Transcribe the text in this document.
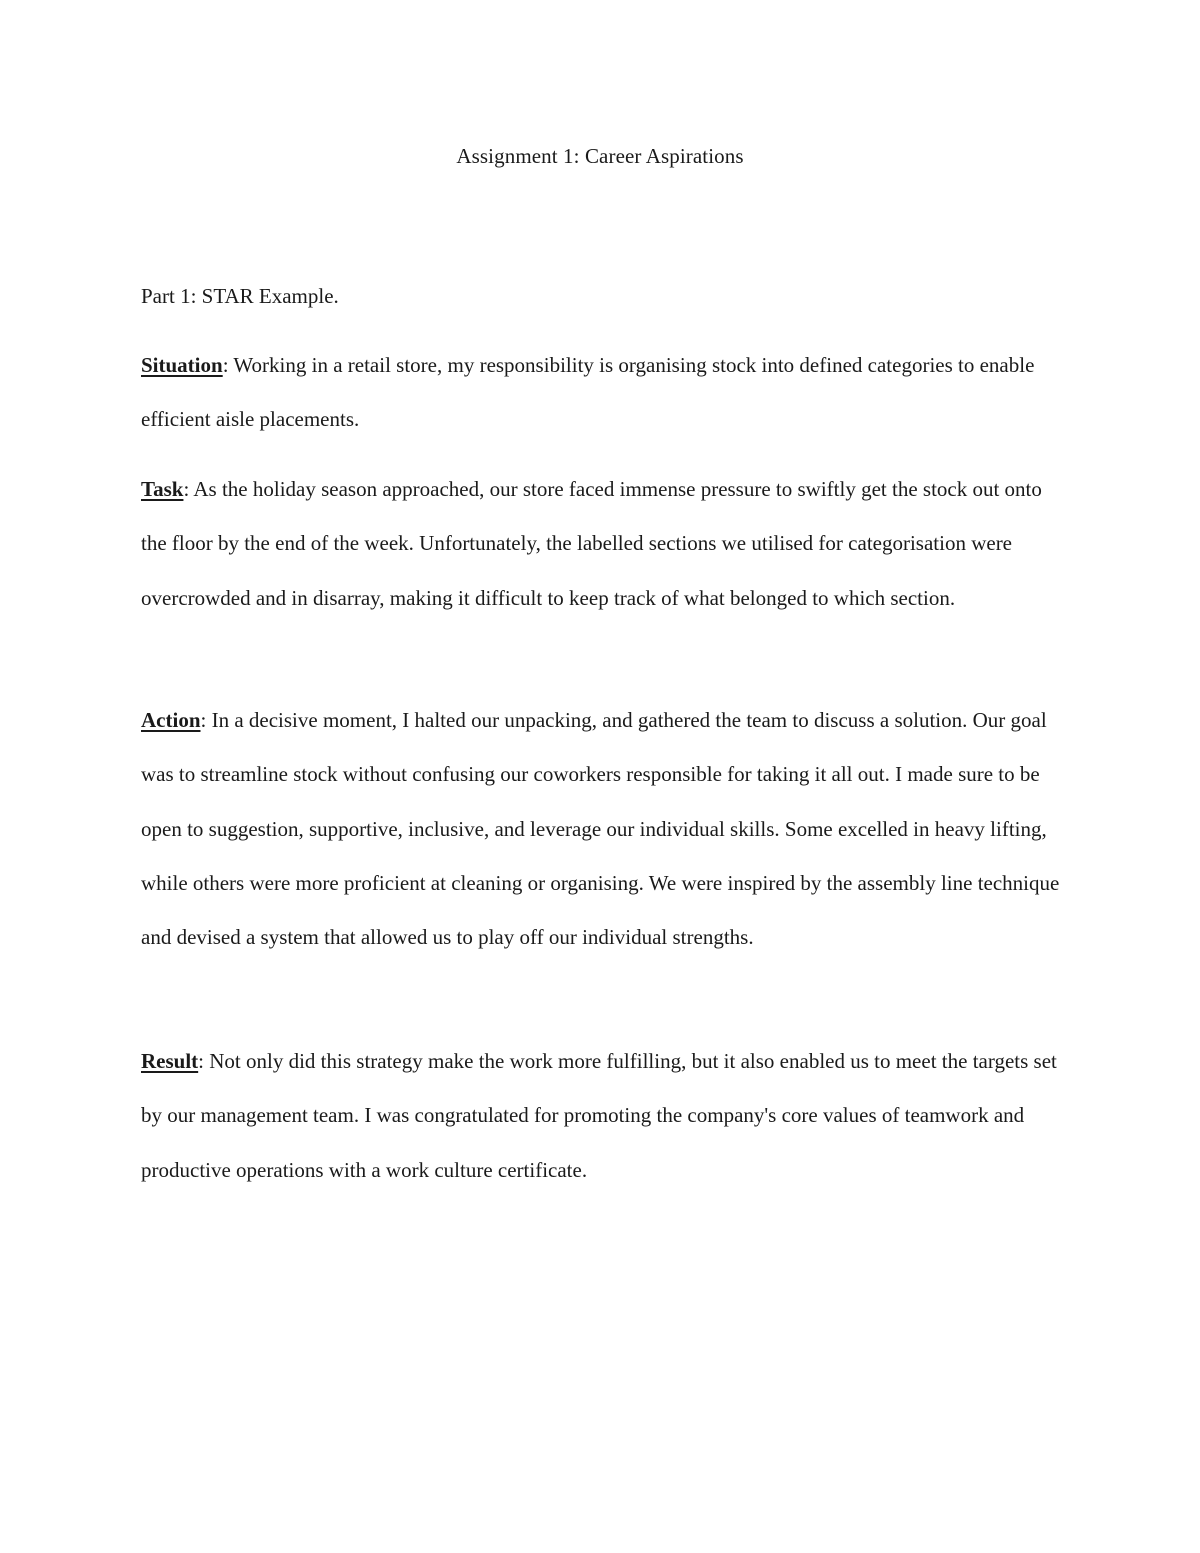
Assignment 1: Career Aspirations
Part 1: STAR Example.

Situation: Working in a retail store, my responsibility is organising stock into defined categories to enable efficient aisle placements.

Task: As the holiday season approached, our store faced immense pressure to swiftly get the stock out onto the floor by the end of the week. Unfortunately, the labelled sections we utilised for categorisation were overcrowded and in disarray, making it difficult to keep track of what belonged to which section.

Action: In a decisive moment, I halted our unpacking, and gathered the team to discuss a solution. Our goal was to streamline stock without confusing our coworkers responsible for taking it all out. I made sure to be open to suggestion, supportive, inclusive, and leverage our individual skills. Some excelled in heavy lifting, while others were more proficient at cleaning or organising. We were inspired by the assembly line technique and devised a system that allowed us to play off our individual strengths.

Result: Not only did this strategy make the work more fulfilling, but it also enabled us to meet the targets set by our management team. I was congratulated for promoting the company's core values of teamwork and productive operations with a work culture certificate.
